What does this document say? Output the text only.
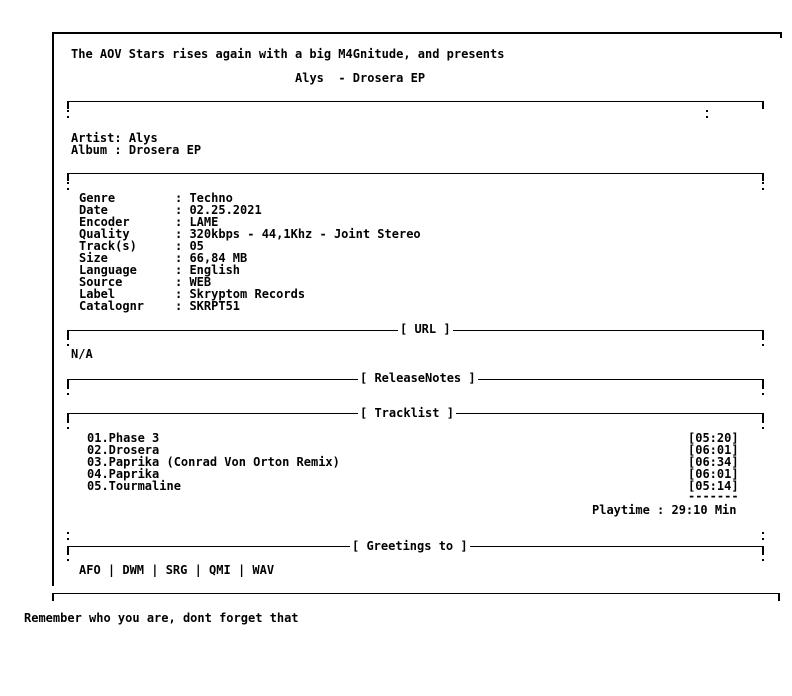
The AOV Stars rises again with a big M4Gnitude, and presents
Alys  - Drosera EP
Artist: Alys
Album : Drosera EP
Genre	: Techno
Date	: 02.25.2021
Encoder	: LAME
Quality	: 320kbps - 44,1Khz - Joint Stereo
Track(s)	: 05
Size	: 66,84 MB
Language	: English
Source	: WEB
Label	: Skryptom Records
Catalognr	: SKRPT51
[ URL ]
N/A
[ ReleaseNotes ]
[ Tracklist ]
01.Phase 3	[05:20]
02.Drosera	[06:01]
03.Paprika (Conrad Von Orton Remix)	[06:34]
04.Paprika	[06:01]
05.Tourmaline	[05:14]
-------
Playtime : 29:10 Min
[ Greetings to ]
AFO | DWM | SRG | QMI | WAV
Remember who you are, dont forget that
